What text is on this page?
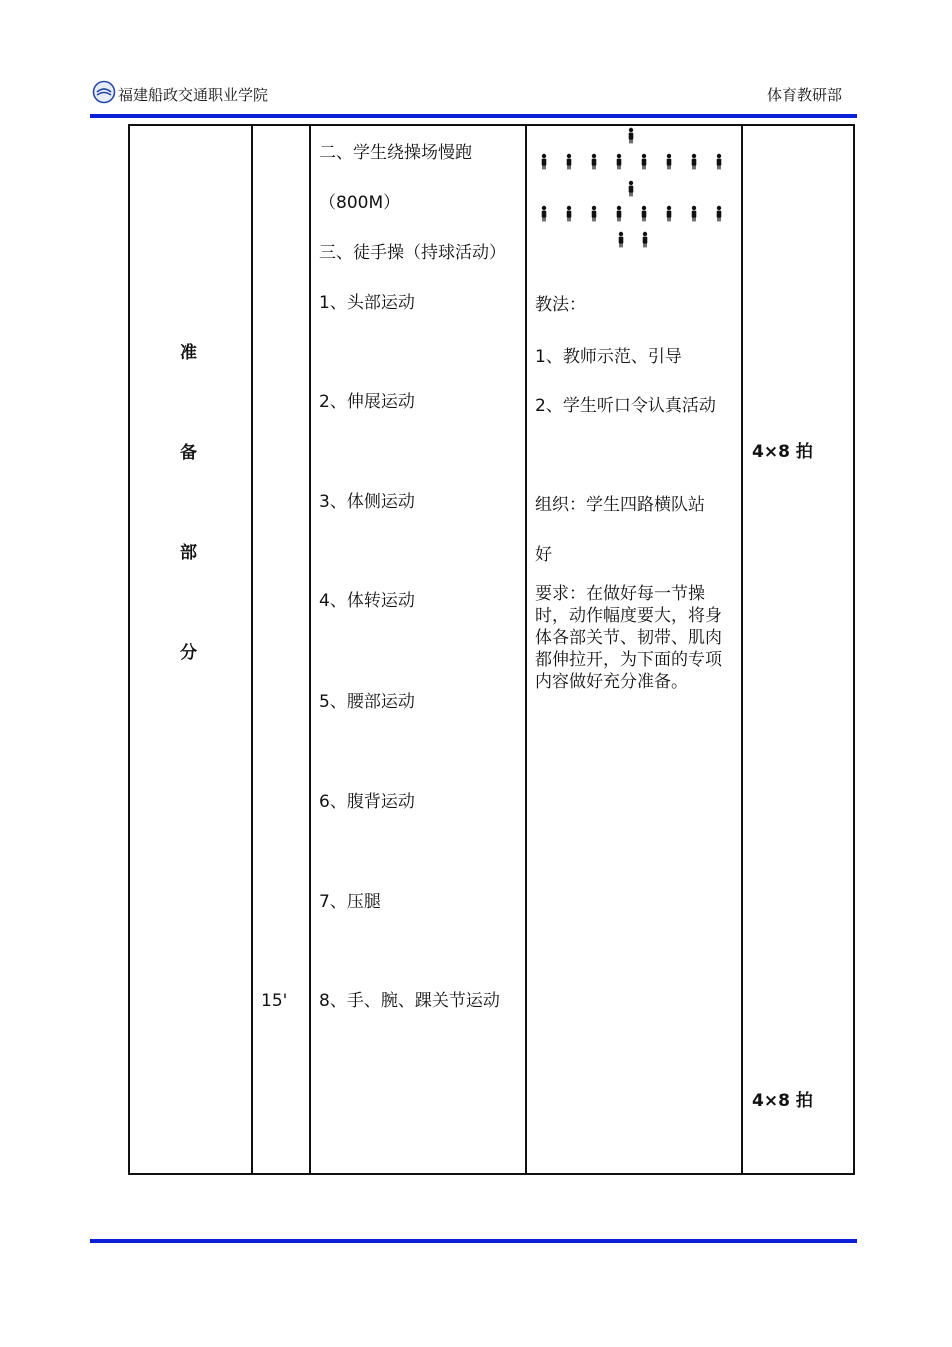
福建船政交通职业学院	体育教研部
准
备
部
分
15'
二、学生绕操场慢跑
（800M）
三、徒手操（持球活动）
1、头部运动
2、伸展运动
3、体侧运动
4、体转运动
5、腰部运动
6、腹背运动
7、压腿
8、手、腕、踝关节运动
教法：
1、教师示范、引导
2、学生听口令认真活动
组织：学生四路横队站
好
要求：在做好每一节操时，动作幅度要大，将身体各部关节、韧带、肌肉都伸拉开，为下面的专项内容做好充分准备。
4×8 拍
4×8 拍
